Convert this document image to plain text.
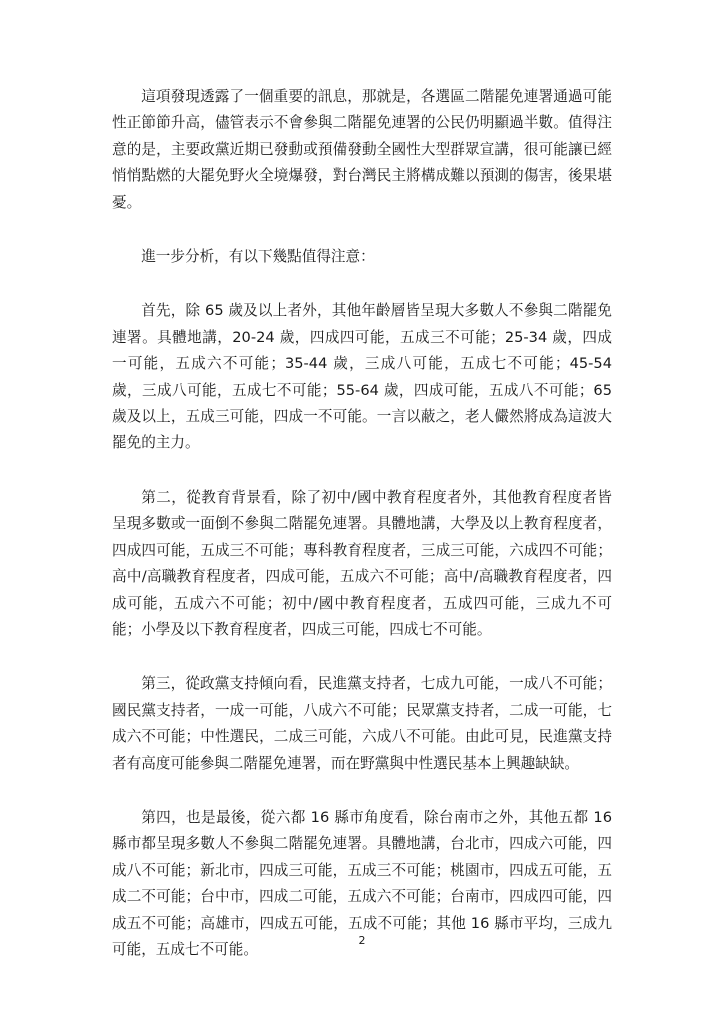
這項發現透露了一個重要的訊息，那就是，各選區二階罷免連署通過可能性正節節升高，儘管表示不會參與二階罷免連署的公民仍明顯過半數。值得注意的是，主要政黨近期已發動或預備發動全國性大型群眾宣講，很可能讓已經悄悄點燃的大罷免野火全境爆發，對台灣民主將構成難以預測的傷害，後果堪憂。

進一步分析，有以下幾點值得注意：

首先，除 65 歲及以上者外，其他年齡層皆呈現大多數人不參與二階罷免連署。具體地講，20-24 歲，四成四可能，五成三不可能；25-34 歲，四成一可能，五成六不可能；35-44 歲，三成八可能，五成七不可能；45-54 歲，三成八可能，五成七不可能；55-64 歲，四成可能，五成八不可能；65 歲及以上，五成三可能，四成一不可能。一言以蔽之，老人儼然將成為這波大罷免的主力。

第二，從教育背景看，除了初中/國中教育程度者外，其他教育程度者皆呈現多數或一面倒不參與二階罷免連署。具體地講，大學及以上教育程度者，四成四可能，五成三不可能；專科教育程度者，三成三可能，六成四不可能；高中/高職教育程度者，四成可能，五成六不可能；高中/高職教育程度者，四成可能，五成六不可能；初中/國中教育程度者，五成四可能，三成九不可能；小學及以下教育程度者，四成三可能，四成七不可能。

第三，從政黨支持傾向看，民進黨支持者，七成九可能，一成八不可能；國民黨支持者，一成一可能，八成六不可能；民眾黨支持者，二成一可能，七成六不可能；中性選民，二成三可能，六成八不可能。由此可見，民進黨支持者有高度可能參與二階罷免連署，而在野黨與中性選民基本上興趣缺缺。

第四，也是最後，從六都 16 縣市角度看，除台南市之外，其他五都 16 縣市都呈現多數人不參與二階罷免連署。具體地講，台北市，四成六可能，四成八不可能；新北市，四成三可能，五成三不可能；桃園市，四成五可能，五成二不可能；台中市，四成二可能，五成六不可能；台南市，四成四可能，四成五不可能；高雄市，四成五可能，五成不可能；其他 16 縣市平均，三成九可能，五成七不可能。

2
